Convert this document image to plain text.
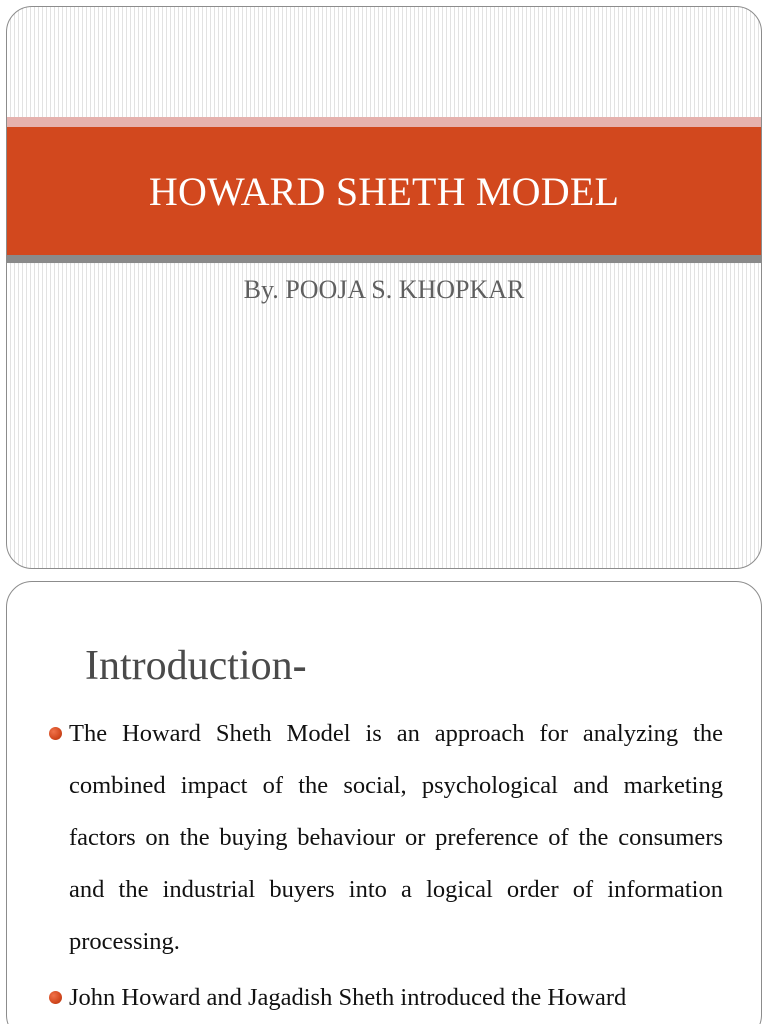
HOWARD SHETH MODEL

By. POOJA S. KHOPKAR

Introduction-
The Howard Sheth Model is an approach for analyzing the combined impact of the social, psychological and marketing factors on the buying behaviour or preference of the consumers and the industrial buyers into a logical order of information processing.
John Howard and Jagadish Sheth introduced the Howard
